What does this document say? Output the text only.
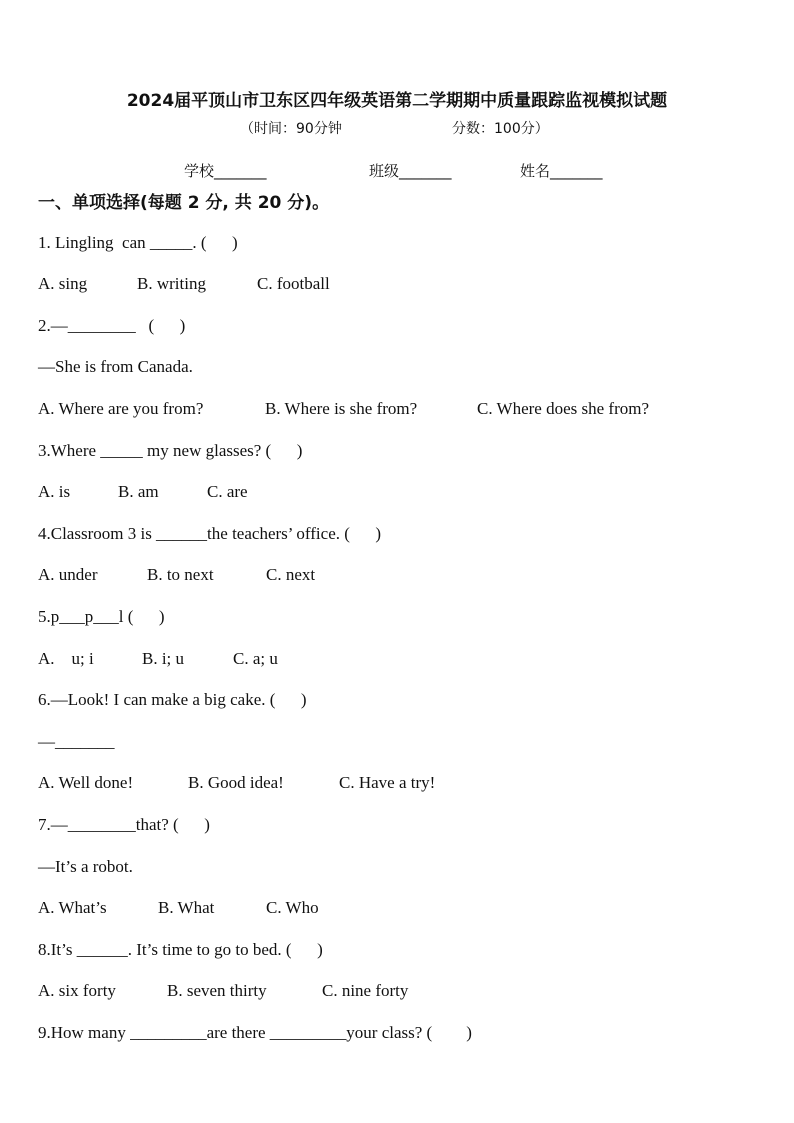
2024届平顶山市卫东区四年级英语第二学期期中质量跟踪监视模拟试题
（时间：90分钟	分数：100分）
学校_______	班级_______	姓名_______
一、单项选择(每题 2 分, 共 20 分)。
1. Lingling  can _____. (      )
A. sing	B. writing	C. football
2.—________   (      )
—She is from Canada.
A. Where are you from?	B. Where is she from?	C. Where does she from?
3.Where _____ my new glasses? (      )
A. is	B. am	C. are
4.Classroom 3 is ______the teachers’ office. (      )
A. under	B. to next	C. next
5.p___p___l (      )
A.    u; i	B. i; u	C. a; u
6.—Look! I can make a big cake. (      )
—_______
A. Well done!	B. Good idea!	C. Have a try!
7.—________that? (      )
—It’s a robot.
A. What’s	B. What	C. Who
8.It’s ______. It’s time to go to bed. (      )
A. six forty	B. seven thirty	C. nine forty
9.How many _________are there _________your class? (        )
